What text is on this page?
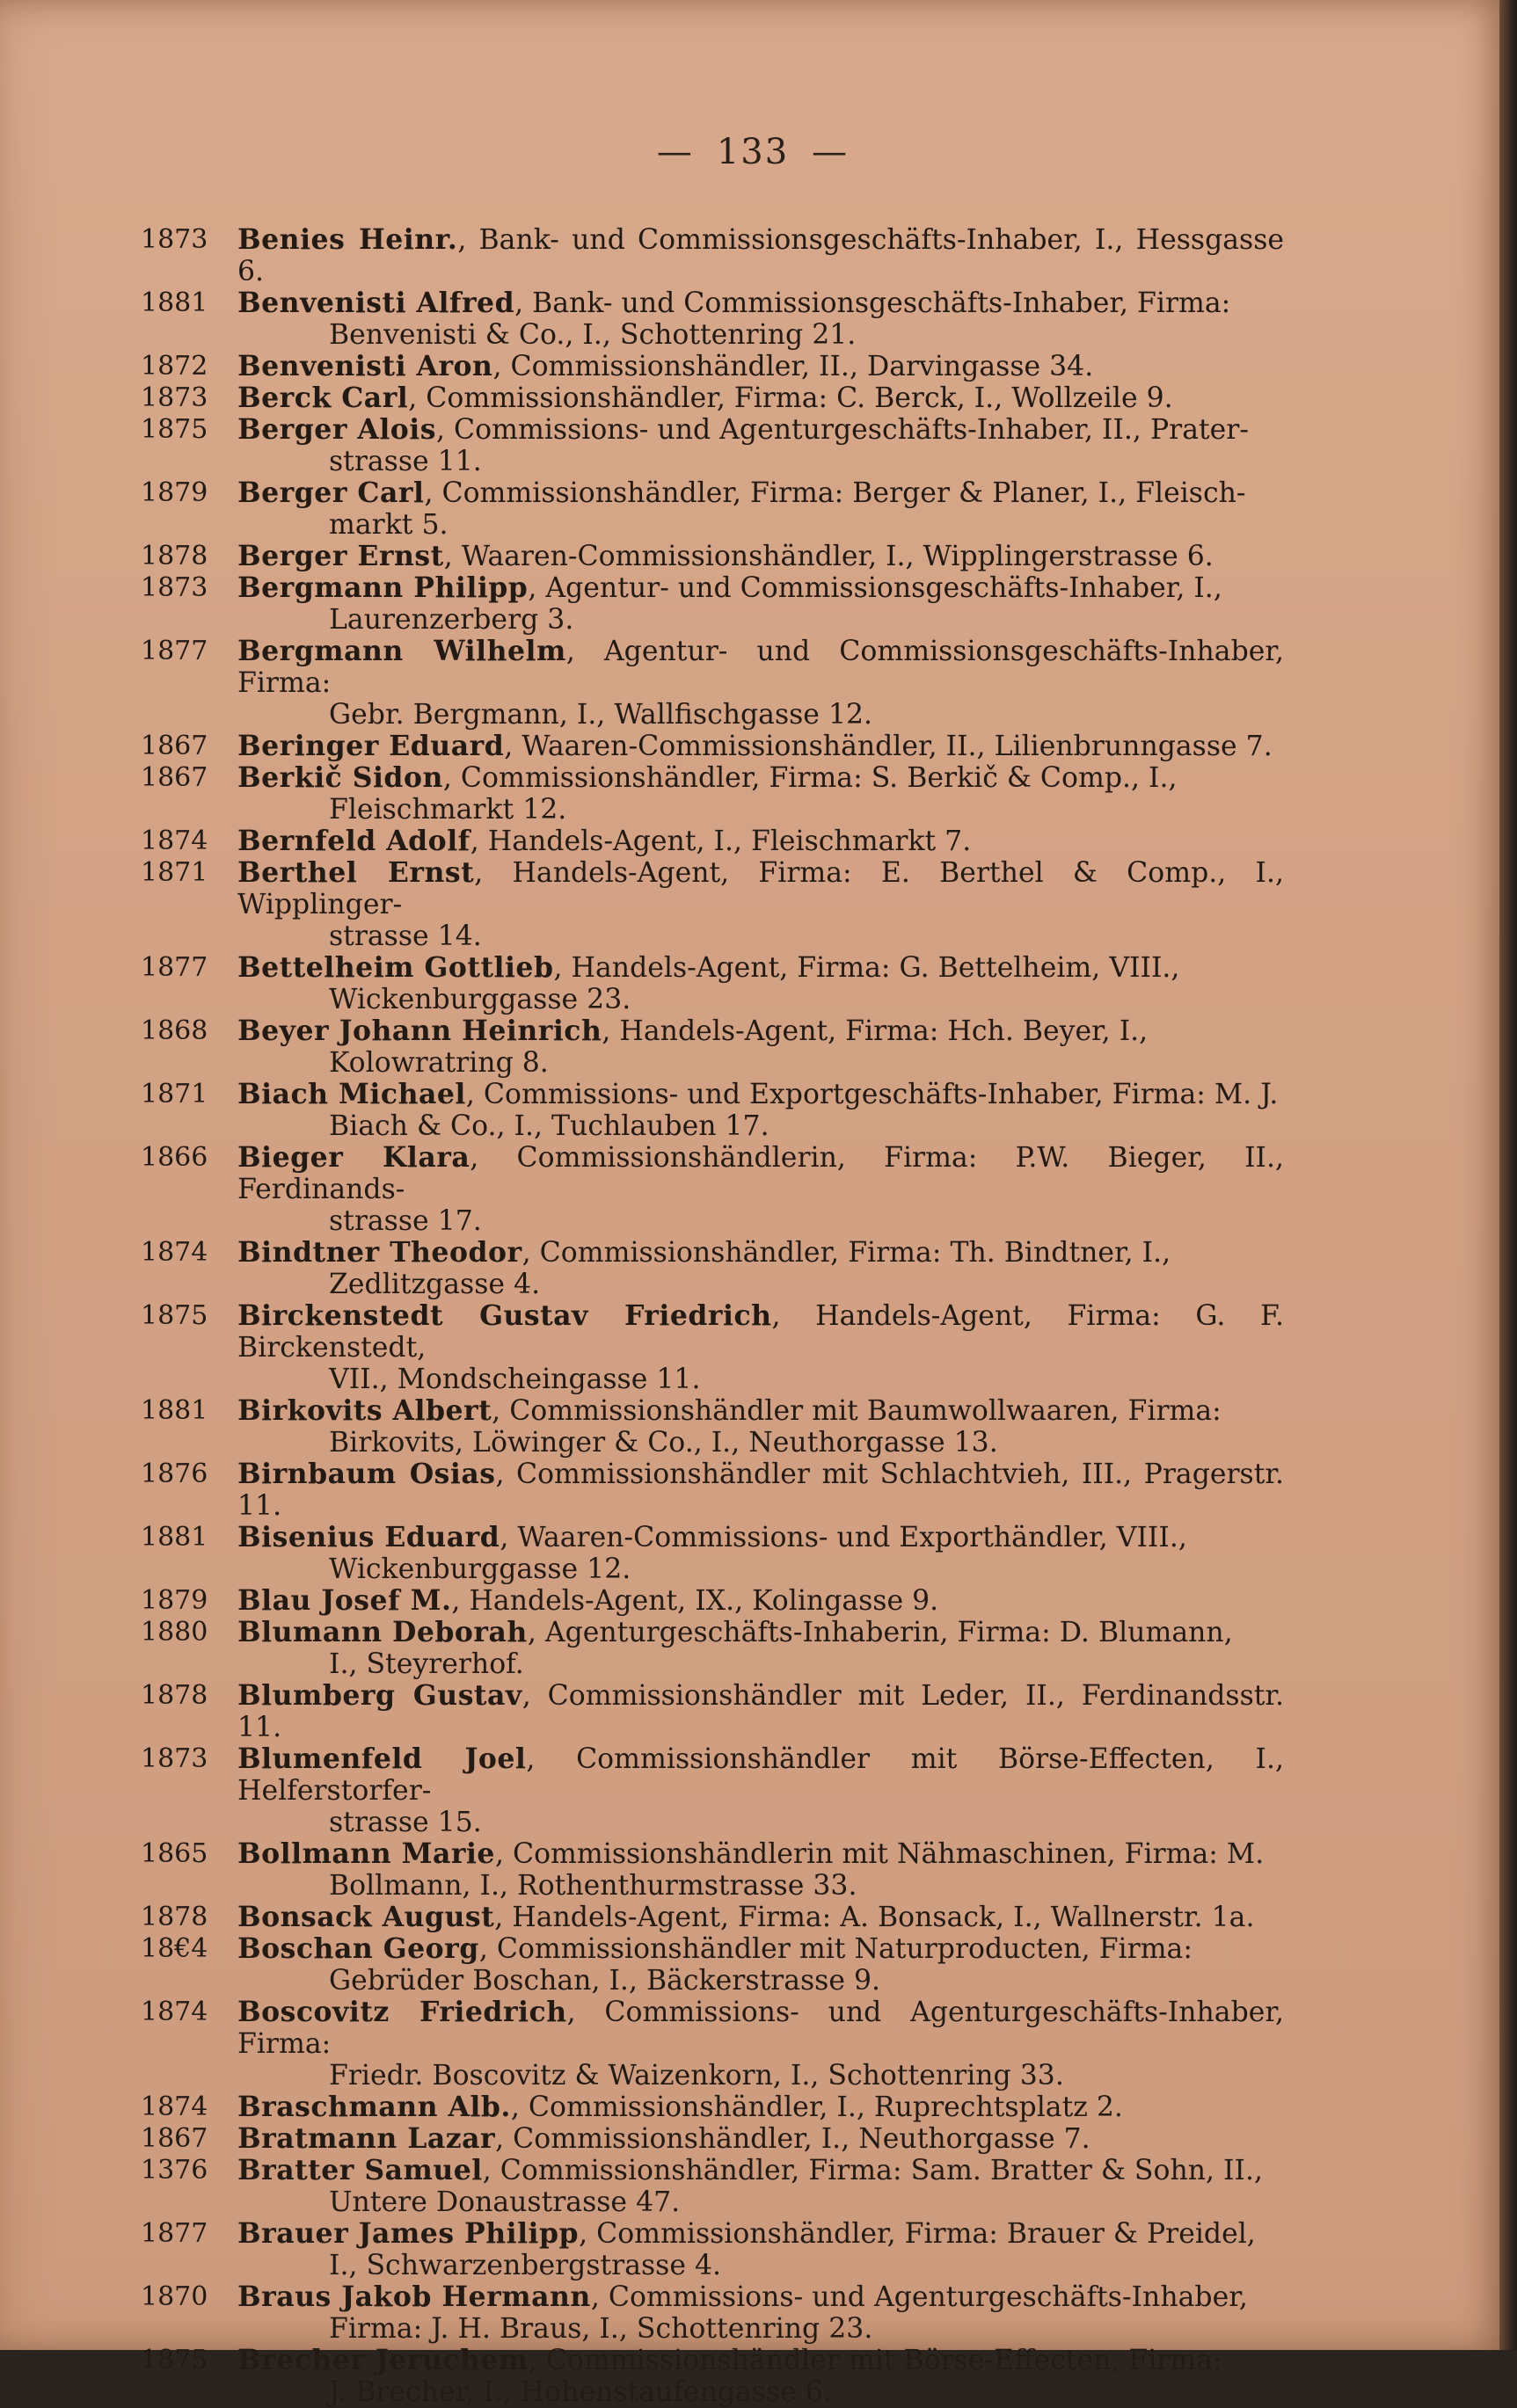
— 133 —
1873 Benies Heinr., Bank- und Commissionsgeschäfts-Inhaber, I., Hessgasse 6.
1881 Benvenisti Alfred, Bank- und Commissionsgeschäfts-Inhaber, Firma:
Benvenisti & Co., I., Schottenring 21.
1872 Benvenisti Aron, Commissionshändler, II., Darvingasse 34.
1873 Berck Carl, Commissionshändler, Firma: C. Berck, I., Wollzeile 9.
1875 Berger Alois, Commissions- und Agenturgeschäfts-Inhaber, II., Prater-
strasse 11.
1879 Berger Carl, Commissionshändler, Firma: Berger & Planer, I., Fleisch-
markt 5.
1878 Berger Ernst, Waaren-Commissionshändler, I., Wipplingerstrasse 6.
1873 Bergmann Philipp, Agentur- und Commissionsgeschäfts-Inhaber, I.,
Laurenzerberg 3.
1877 Bergmann Wilhelm, Agentur- und Commissionsgeschäfts-Inhaber, Firma:
Gebr. Bergmann, I., Wallfischgasse 12.
1867 Beringer Eduard, Waaren-Commissionshändler, II., Lilienbrunngasse 7.
1867 Berkič Sidon, Commissionshändler, Firma: S. Berkič & Comp., I.,
Fleischmarkt 12.
1874 Bernfeld Adolf, Handels-Agent, I., Fleischmarkt 7.
1871 Berthel Ernst, Handels-Agent, Firma: E. Berthel & Comp., I., Wipplinger-
strasse 14.
1877 Bettelheim Gottlieb, Handels-Agent, Firma: G. Bettelheim, VIII.,
Wickenburggasse 23.
1868 Beyer Johann Heinrich, Handels-Agent, Firma: Hch. Beyer, I.,
Kolowratring 8.
1871 Biach Michael, Commissions- und Exportgeschäfts-Inhaber, Firma: M. J.
Biach & Co., I., Tuchlauben 17.
1866 Bieger Klara, Commissionshändlerin, Firma: P.W. Bieger, II., Ferdinands-
strasse 17.
1874 Bindtner Theodor, Commissionshändler, Firma: Th. Bindtner, I.,
Zedlitzgasse 4.
1875 Birckenstedt Gustav Friedrich, Handels-Agent, Firma: G. F. Birckenstedt,
VII., Mondscheingasse 11.
1881 Birkovits Albert, Commissionshändler mit Baumwollwaaren, Firma:
Birkovits, Löwinger & Co., I., Neuthorgasse 13.
1876 Birnbaum Osias, Commissionshändler mit Schlachtvieh, III., Pragerstr. 11.
1881 Bisenius Eduard, Waaren-Commissions- und Exporthändler, VIII.,
Wickenburggasse 12.
1879 Blau Josef M., Handels-Agent, IX., Kolingasse 9.
1880 Blumann Deborah, Agenturgeschäfts-Inhaberin, Firma: D. Blumann,
I., Steyrerhof.
1878 Blumberg Gustav, Commissionshändler mit Leder, II., Ferdinandsstr. 11.
1873 Blumenfeld Joel, Commissionshändler mit Börse-Effecten, I., Helferstorfer-
strasse 15.
1865 Bollmann Marie, Commissionshändlerin mit Nähmaschinen, Firma: M.
Bollmann, I., Rothenthurmstrasse 33.
1878 Bonsack August, Handels-Agent, Firma: A. Bonsack, I., Wallnerstr. 1a.
18€4 Boschan Georg, Commissionshändler mit Naturproducten, Firma:
Gebrüder Boschan, I., Bäckerstrasse 9.
1874 Boscovitz Friedrich, Commissions- und Agenturgeschäfts-Inhaber, Firma:
Friedr. Boscovitz & Waizenkorn, I., Schottenring 33.
1874 Braschmann Alb., Commissionshändler, I., Ruprechtsplatz 2.
1867 Bratmann Lazar, Commissionshändler, I., Neuthorgasse 7.
1376 Bratter Samuel, Commissionshändler, Firma: Sam. Bratter & Sohn, II.,
Untere Donaustrasse 47.
1877 Brauer James Philipp, Commissionshändler, Firma: Brauer & Preidel,
I., Schwarzenbergstrasse 4.
1870 Braus Jakob Hermann, Commissions- und Agenturgeschäfts-Inhaber,
Firma: J. H. Braus, I., Schottenring 23.
1875 Brecher Jeruchem, Commissionshändler mit Börse-Effecten, Firma:
J. Brecher, I., Hohenstaufengasse 6.
